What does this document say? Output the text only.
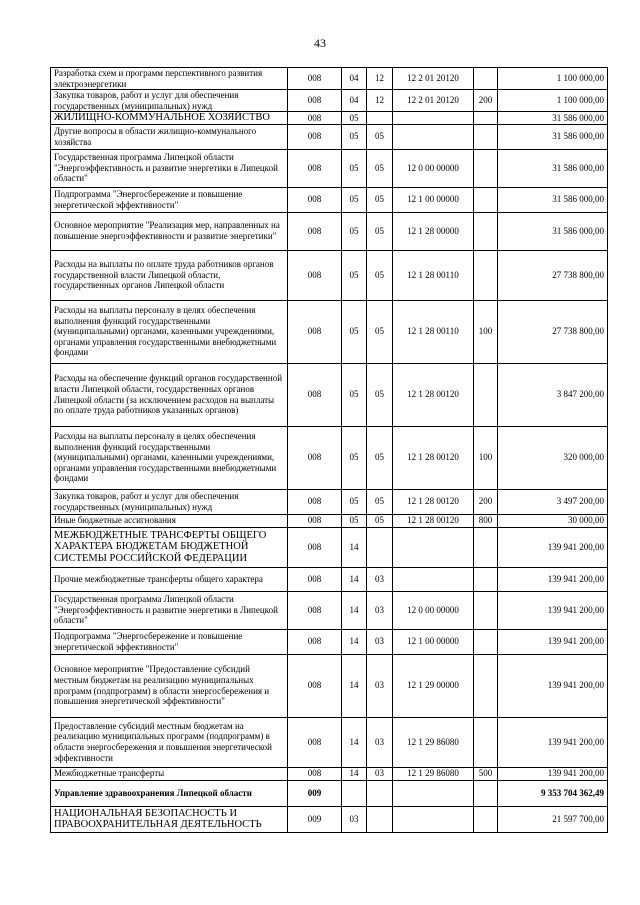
43
Разработка схем и программ перспективного развития электроэнергетики	008	04	12	12 2 01 20120		1 100 000,00
Закупка товаров, работ и услуг для обеспечения государственных (муниципальных) нужд	008	04	12	12 2 01 20120	200	1 100 000,00
ЖИЛИЩНО-КОММУНАЛЬНОЕ ХОЗЯЙСТВО	008	05				31 586 000,00
Другие вопросы в области жилищно-коммунального хозяйства	008	05	05			31 586 000,00
Государственная программа Липецкой области "Энергоэффективность и развитие энергетики в Липецкой области"	008	05	05	12 0 00 00000		31 586 000,00
Подпрограмма "Энергосбережение и повышение энергетической эффективности"	008	05	05	12 1 00 00000		31 586 000,00
Основное мероприятие "Реализация мер, направленных на повышение энергоэффективности и развитие энергетики"	008	05	05	12 1 28 00000		31 586 000,00
Расходы на выплаты по оплате труда работников органов государственной власти Липецкой области, государственных органов Липецкой области	008	05	05	12 1 28 00110		27 738 800,00
Расходы на выплаты персоналу в целях обеспечения выполнения функций государственными (муниципальными) органами, казенными учреждениями, органами управления государственными внебюджетными фондами	008	05	05	12 1 28 00110	100	27 738 800,00
Расходы на обеспечение функций органов государственной власти Липецкой области, государственных органов Липецкой области (за исключением расходов на выплаты по оплате труда работников указанных органов)	008	05	05	12 1 28 00120		3 847 200,00
Расходы на выплаты персоналу в целях обеспечения выполнения функций государственными (муниципальными) органами, казенными учреждениями, органами управления государственными внебюджетными фондами	008	05	05	12 1 28 00120	100	320 000,00
Закупка товаров, работ и услуг для обеспечения государственных (муниципальных) нужд	008	05	05	12 1 28 00120	200	3 497 200,00
Иные бюджетные ассигнования	008	05	05	12 1 28 00120	800	30 000,00
МЕЖБЮДЖЕТНЫЕ ТРАНСФЕРТЫ ОБЩЕГО ХАРАКТЕРА БЮДЖЕТАМ БЮДЖЕТНОЙ СИСТЕМЫ РОССИЙСКОЙ ФЕДЕРАЦИИ	008	14				139 941 200,00
Прочие межбюджетные трансферты общего характера	008	14	03			139 941 200,00
Государственная программа Липецкой области "Энергоэффективность и развитие энергетики в Липецкой области"	008	14	03	12 0 00 00000		139 941 200,00
Подпрограмма "Энергосбережение и повышение энергетической эффективности"	008	14	03	12 1 00 00000		139 941 200,00
Основное мероприятие "Предоставление субсидий местным бюджетам на реализацию муниципальных программ (подпрограмм) в области энергосбережения и повышения энергетической эффективности"	008	14	03	12 1 29 00000		139 941 200,00
Предоставление субсидий местным бюджетам на реализацию муниципальных программ (подпрограмм) в области энергосбережения и повышения энергетической эффективности	008	14	03	12 1 29 86080		139 941 200,00
Межбюджетные трансферты	008	14	03	12 1 29 86080	500	139 941 200,00
Управление здравоохранения Липецкой области	009					9 353 704 362,49
НАЦИОНАЛЬНАЯ БЕЗОПАСНОСТЬ И ПРАВООХРАНИТЕЛЬНАЯ ДЕЯТЕЛЬНОСТЬ	009	03				21 597 700,00
